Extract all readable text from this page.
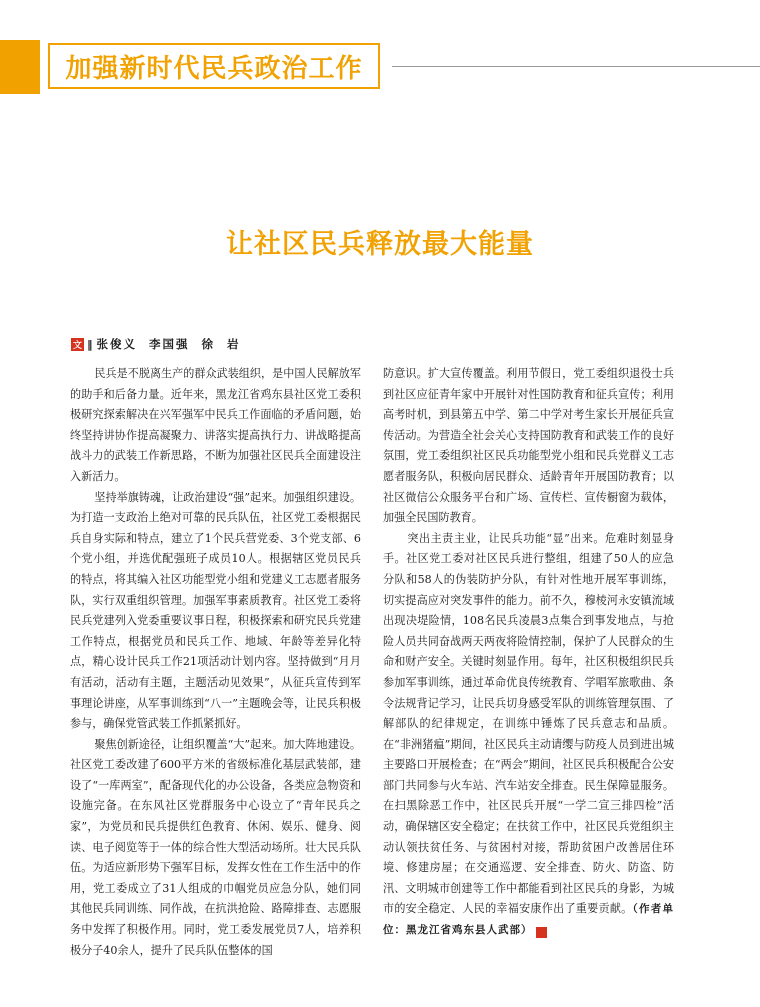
加强新时代民兵政治工作
让社区民兵释放最大能量
文 ‖ 张俊义 李国强 徐 岩

民兵是不脱离生产的群众武装组织，是中国人民解放军的助手和后备力量。近年来，黑龙江省鸡东县社区党工委积极研究探索解决在兴军强军中民兵工作面临的矛盾问题，始终坚持讲协作提高凝聚力、讲落实提高执行力、讲战略提高战斗力的武装工作新思路，不断为加强社区民兵全面建设注入新活力。

坚持举旗铸魂，让政治建设“强”起来。加强组织建设。为打造一支政治上绝对可靠的民兵队伍，社区党工委根据民兵自身实际和特点，建立了1个民兵营党委、3个党支部、6个党小组，并选优配强班子成员10人。根据辖区党员民兵的特点，将其编入社区功能型党小组和党建义工志愿者服务队，实行双重组织管理。加强军事素质教育。社区党工委将民兵党建列入党委重要议事日程，积极探索和研究民兵党建工作特点，根据党员和民兵工作、地域、年龄等差异化特点，精心设计民兵工作21项活动计划内容。坚持做到“月月有活动，活动有主题，主题活动见效果”，从征兵宣传到军事理论讲座，从军事训练到“八一”主题晚会等，让民兵积极参与，确保党管武装工作抓紧抓好。

聚焦创新途径，让组织覆盖“大”起来。加大阵地建设。社区党工委改建了600平方米的省级标准化基层武装部，建设了“一库两室”，配备现代化的办公设备，各类应急物资和设施完备。在东风社区党群服务中心设立了“青年民兵之家”，为党员和民兵提供红色教育、休闲、娱乐、健身、阅读、电子阅览等于一体的综合性大型活动场所。壮大民兵队伍。为适应新形势下强军目标，发挥女性在工作生活中的作用，党工委成立了31人组成的巾帼党员应急分队，她们同其他民兵同训练、同作战，在抗洪抢险、路障排查、志愿服务中发挥了积极作用。同时，党工委发展党员7人，培养积极分子40余人，提升了民兵队伍整体的国

防意识。扩大宣传覆盖。利用节假日，党工委组织退役士兵到社区应征青年家中开展针对性国防教育和征兵宣传；利用高考时机，到县第五中学、第二中学对考生家长开展征兵宣传活动。为营造全社会关心支持国防教育和武装工作的良好氛围，党工委组织社区民兵功能型党小组和民兵党群义工志愿者服务队，积极向居民群众、适龄青年开展国防教育；以社区微信公众服务平台和广场、宣传栏、宣传橱窗为载体，加强全民国防教育。

突出主责主业，让民兵功能“显”出来。危难时刻显身手。社区党工委对社区民兵进行整组，组建了50人的应急分队和58人的伪装防护分队，有针对性地开展军事训练，切实提高应对突发事件的能力。前不久，穆棱河永安镇流域出现决堤险情，108名民兵凌晨3点集合到事发地点，与抢险人员共同奋战两天两夜将险情控制，保护了人民群众的生命和财产安全。关键时刻显作用。每年，社区积极组织民兵参加军事训练，通过革命优良传统教育、学唱军旅歌曲、条令法规背记学习，让民兵切身感受军队的训练管理氛围、了解部队的纪律规定，在训练中锤炼了民兵意志和品质。在“非洲猪瘟”期间，社区民兵主动请缨与防疫人员到进出城主要路口开展检查；在“两会”期间，社区民兵积极配合公安部门共同参与火车站、汽车站安全排查。民生保障显服务。在扫黑除恶工作中，社区民兵开展“一学二宣三排四检”活动，确保辖区安全稳定；在扶贫工作中，社区民兵党组织主动认领扶贫任务、与贫困村对接，帮助贫困户改善居住环境、修建房屋；在交通巡逻、安全排查、防火、防盗、防汛、文明城市创建等工作中都能看到社区民兵的身影，为城市的安全稳定、人民的幸福安康作出了重要贡献。（作者单位：黑龙江省鸡东县人武部） G
